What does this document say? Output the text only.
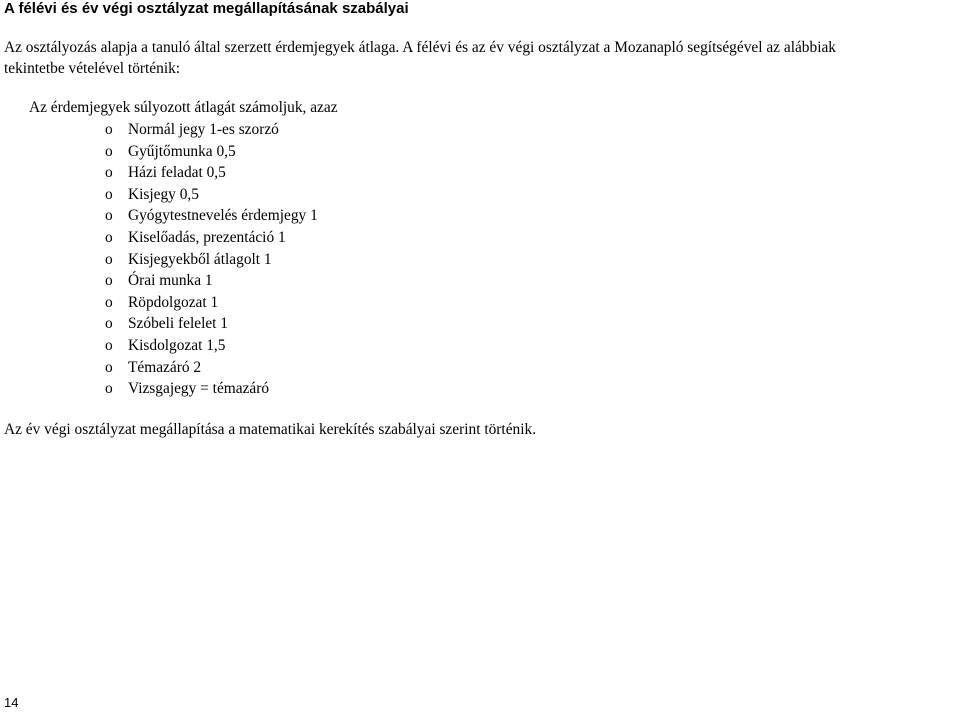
A félévi és év végi osztályzat megállapításának szabályai

Az osztályozás alapja a tanuló által szerzett érdemjegyek átlaga. A félévi és az év végi osztályzat a Mozanapló segítségével az alábbiak
tekintetbe vételével történik:

Az érdemjegyek súlyozott átlagát számoljuk, azaz
o Normál jegy 1-es szorzó
o Gyűjtőmunka 0,5
o Házi feladat 0,5
o Kisjegy 0,5
o Gyógytestnevelés érdemjegy 1
o Kiselőadás, prezentáció 1
o Kisjegyekből átlagolt 1
o Órai munka 1
o Röpdolgozat 1
o Szóbeli felelet 1
o Kisdolgozat 1,5
o Témazáró 2
o Vizsgajegy = témazáró
Az év végi osztályzat megállapítása a matematikai kerekítés szabályai szerint történik.
14
